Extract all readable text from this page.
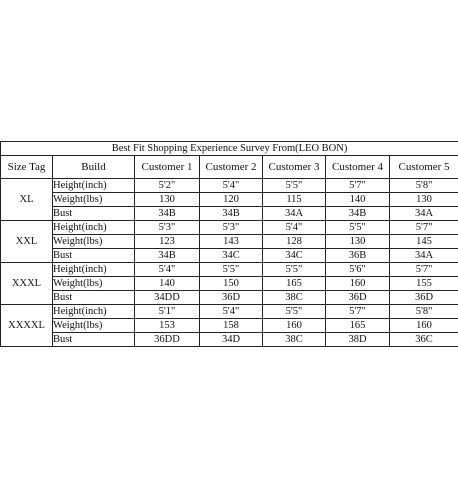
Best Fit Shopping Experience Survey From(LEO BON)						
Size Tag	Build	Customer 1	Customer 2	Customer 3	Customer 4	Customer 5
XL	Height(inch)	5'2"	5'4"	5'5"	5'7"	5'8"
	Weight(lbs)	130	120	115	140	130
	Bust	34B	34B	34A	34B	34A
XXL	Height(inch)	5'3"	5'3"	5'4"	5'5"	5'7"
	Weight(lbs)	123	143	128	130	145
	Bust	34B	34C	34C	36B	34A
XXXL	Height(inch)	5'4"	5'5"	5'5"	5'6"	5'7"
	Weight(lbs)	140	150	165	160	155
	Bust	34DD	36D	38C	36D	36D
XXXXL	Height(inch)	5'1"	5'4"	5'5"	5'7"	5'8"
	Weight(lbs)	153	158	160	165	160
	Bust	36DD	34D	38C	38D	36C
